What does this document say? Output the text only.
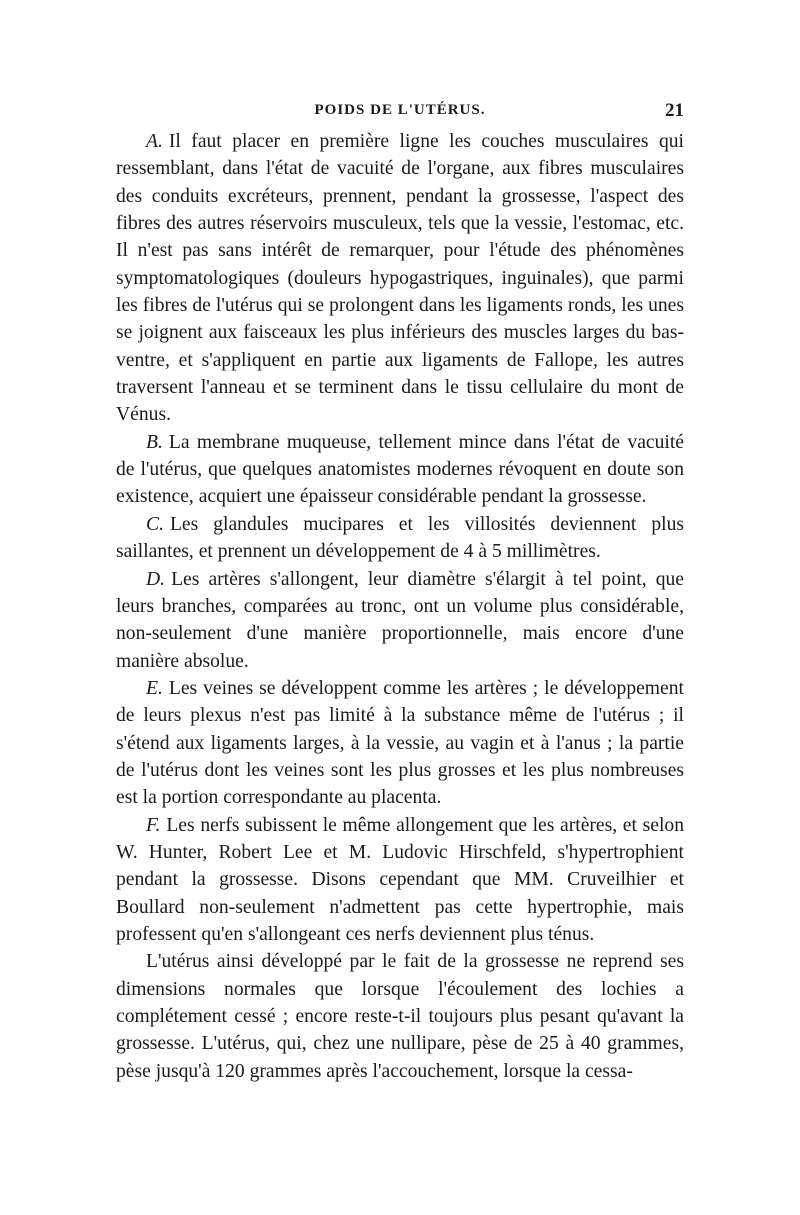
POIDS DE L'UTÉRUS.	21

A. Il faut placer en première ligne les couches musculaires qui ressemblant, dans l'état de vacuité de l'organe, aux fibres musculaires des conduits excréteurs, prennent, pendant la grossesse, l'aspect des fibres des autres réservoirs musculeux, tels que la vessie, l'estomac, etc. Il n'est pas sans intérêt de remarquer, pour l'étude des phénomènes symptomatologiques (douleurs hypogastriques, inguinales), que parmi les fibres de l'utérus qui se prolongent dans les ligaments ronds, les unes se joignent aux faisceaux les plus inférieurs des muscles larges du bas-ventre, et s'appliquent en partie aux ligaments de Fallope, les autres traversent l'anneau et se terminent dans le tissu cellulaire du mont de Vénus.

B. La membrane muqueuse, tellement mince dans l'état de vacuité de l'utérus, que quelques anatomistes modernes révoquent en doute son existence, acquiert une épaisseur considérable pendant la grossesse.

C. Les glandules mucipares et les villosités deviennent plus saillantes, et prennent un développement de 4 à 5 millimètres.

D. Les artères s'allongent, leur diamètre s'élargit à tel point, que leurs branches, comparées au tronc, ont un volume plus considérable, non-seulement d'une manière proportionnelle, mais encore d'une manière absolue.

E. Les veines se développent comme les artères ; le développement de leurs plexus n'est pas limité à la substance même de l'utérus ; il s'étend aux ligaments larges, à la vessie, au vagin et à l'anus ; la partie de l'utérus dont les veines sont les plus grosses et les plus nombreuses est la portion correspondante au placenta.

F. Les nerfs subissent le même allongement que les artères, et selon W. Hunter, Robert Lee et M. Ludovic Hirschfeld, s'hypertrophient pendant la grossesse. Disons cependant que MM. Cruveilhier et Boullard non-seulement n'admettent pas cette hypertrophie, mais professent qu'en s'allongeant ces nerfs deviennent plus ténus.

L'utérus ainsi développé par le fait de la grossesse ne reprend ses dimensions normales que lorsque l'écoulement des lochies a complétement cessé ; encore reste-t-il toujours plus pesant qu'avant la grossesse. L'utérus, qui, chez une nullipare, pèse de 25 à 40 grammes, pèse jusqu'à 120 grammes après l'accouchement, lorsque la cessa-
